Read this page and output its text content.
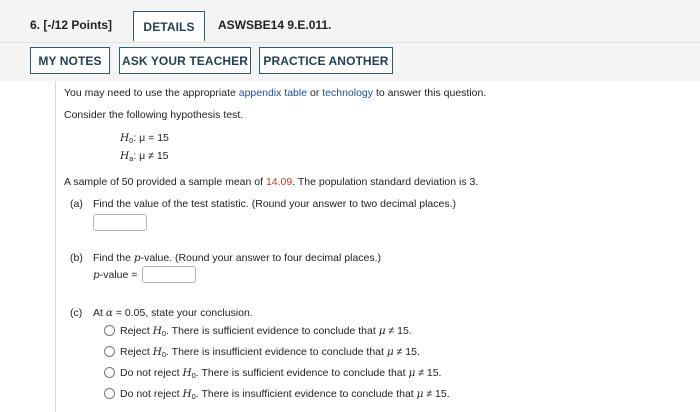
6. [-/12 Points]	DETAILS	ASWSBE14 9.E.011.
MY NOTES	ASK YOUR TEACHER	PRACTICE ANOTHER
You may need to use the appropriate appendix table or technology to answer this question.
Consider the following hypothesis test.
$H_0$: μ = 15
$H_a$: μ ≠ 15
A sample of 50 provided a sample mean of 14.09. The population standard deviation is 3.
(a) Find the value of the test statistic. (Round your answer to two decimal places.)
(b) Find the p-value. (Round your answer to four decimal places.)
p-value =
(c) At α = 0.05, state your conclusion.
Reject $H_0$. There is sufficient evidence to conclude that μ ≠ 15.
Reject $H_0$. There is insufficient evidence to conclude that μ ≠ 15.
Do not reject $H_0$. There is sufficient evidence to conclude that μ ≠ 15.
Do not reject $H_0$. There is insufficient evidence to conclude that μ ≠ 15.
